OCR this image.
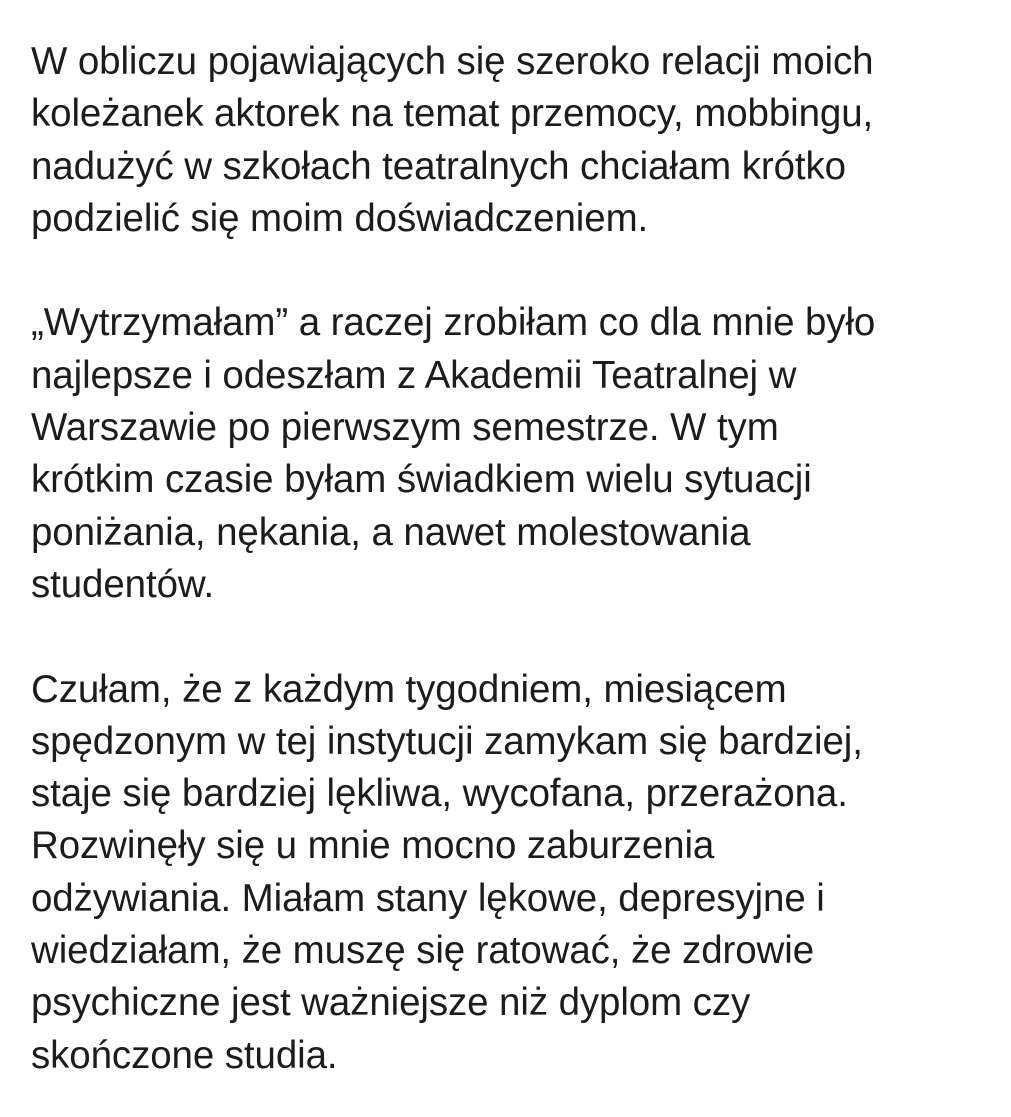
W obliczu pojawiających się szeroko relacji moich
koleżanek aktorek na temat przemocy, mobbingu,
nadużyć w szkołach teatralnych chciałam krótko
podzielić się moim doświadczeniem.

„Wytrzymałam” a raczej zrobiłam co dla mnie było
najlepsze i odeszłam z Akademii Teatralnej w
Warszawie po pierwszym semestrze. W tym
krótkim czasie byłam świadkiem wielu sytuacji
poniżania, nękania, a nawet molestowania
studentów.

Czułam, że z każdym tygodniem, miesiącem
spędzonym w tej instytucji zamykam się bardziej,
staje się bardziej lękliwa, wycofana, przerażona.
Rozwinęły się u mnie mocno zaburzenia
odżywiania. Miałam stany lękowe, depresyjne i
wiedziałam, że muszę się ratować, że zdrowie
psychiczne jest ważniejsze niż dyplom czy
skończone studia.
